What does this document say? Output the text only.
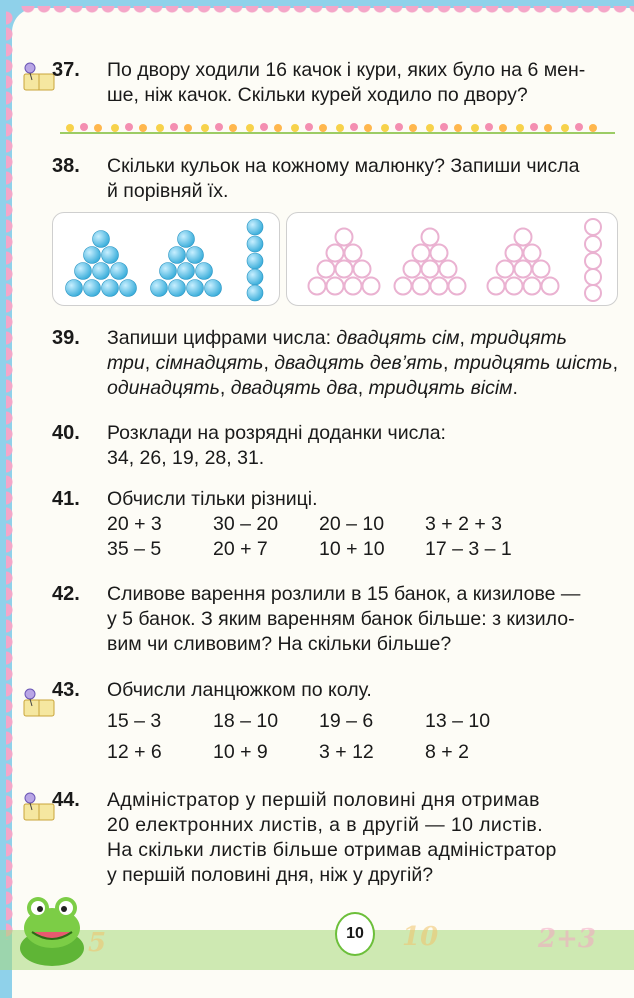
37. По двору ходили 16 качок і кури, яких було на 6 мен-
ше, ніж качок. Скільки курей ходило по двору?
38. Скільки кульок на кожному малюнку? Запиши числа
й порівняй їх.
39. Запиши цифрами числа: двадцять сім, тридцять
три, сімнадцять, двадцять дев’ять, тридцять шість,
одинадцять, двадцять два, тридцять вісім.
40. Розклади на розрядні доданки числа:
34, 26, 19, 28, 31.
41. Обчисли тільки різниці.
20 + 3	30 – 20	20 – 10	3 + 2 + 3
35 – 5	20 + 7	10 + 10	17 – 3 – 1
42. Сливове варення розлили в 15 банок, а кизилове —
у 5 банок. З яким варенням банок більше: з кизило-
вим чи сливовим? На скільки більше?
43. Обчисли ланцюжком по колу.
15 – 3	18 – 10	19 – 6	13 – 10
12 + 6	10 + 9	3 + 12	8 + 2
44. Адміністратор у першій половині дня отримав
20 електронних листів, а в другій — 10 листів.
На скільки листів більше отримав адміністратор
у першій половині дня, ніж у другій?
5	10	2+3
10
